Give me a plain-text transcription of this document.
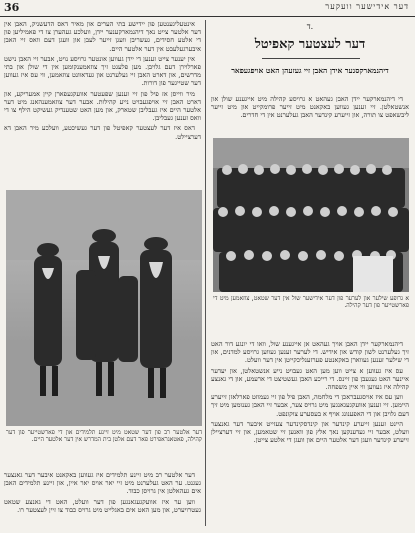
36	דער אידישער וועקער

אינטעליגענטען פון יידישע בתי הערים און מאיר דאס הדעשניק, האבן אין דער אלטער צייט נאך דיהנמארקענער יידן, וועלכע געהערן צו די פאמיליען פון די אלטע חסידים, געשריבן וועגן זייער לעבן און וועגן דעם וואס זיי האבן איבערגעלעבט אין דער אלטער היים.

אין יענער צייט זענען די יידן געווען אונטער גרויסע נויט, אבער זיי האבן נישט פארלוירן דעם גלויבן. מען פלעגט זיך צוזאמענקומען אין די שולן און בתי מדרשים, און דארט האבן זיי געלערנט און געדאוונט צוזאמען, ווי עס איז געווען דער שטייגער פון דורות.

מיר ווייסן אז פיל פון זיי זענען שפעטער אוועקגעפארן קיין אמעריקע, און דארט האבן זיי אויפגעבויט נייע קהילות. אבער דער צוזאמענהאנג מיט דער אלטער היים איז געבליבן שטארק, און מען האט שטענדיק געשיקט הילף צו די וואס זענען געבליבן.

דאס איז דער לעצטער קאפיטל פון דער געשיכטע, וועלכע מיר האבן דא דערציילט.

דער אלטער רב פון דער שטאט מיט זיינע תלמידים און די פארשטייער פון דער קהילה, פאטאגראפירט פאר דעם אלטן בית המדרש אין דער אלטער היים.

דער אלטער רב מיט זיינע תלמידים איז געווען באקאנט איבער דער גאנצער געגנט. ער האט געלערנט מיט זיי יאר אויס יאר איין, און זיינע תלמידים האבן אים געהאלטן אין גרויסן כבוד.

ווען ער איז אוועקגעגאנגען פון דער וועלט, האט די גאנצע שטאט געטרויערט, און מען האט אים באגלייט מיט גרויס כבוד צו זיין לעצטער רו.

ד.
דער לעצטער קאפיטל
דיהנמארקסנער אידן האבן זיי געזעהן האט אויפגעפאר

די דיהנמארקער יידן האבן געהאט א גרויסע קהילה מיט אייגענע שולן און אנשטאלטן. זיי זענען געווען באקאנט מיט זייער פרומקייט און מיט זייער ליבשאפט צו תורה, און זייערע קינדער האבן געלערנט אין די חדרים.

א גרופע שילער און לערער פון דער אידישער שול אין דער שטאט, צוזאמען מיט די פארשטייער פון דער קהילה.

דיהנמארקער יידן האבן אויך געהאט אן אייגענע שול, וואו די יונגע דור האט זיך געלערנט לשון קודש און אידיש. די לערער זענען געווען גרויסע למדנים, און די שילער זענען געווארן באקאנטע פערזענליכקייטן אין דער וועלט.

עס איז געווען א צייט ווען מען האט געבויט נייע אנשטאלטן, און יעדער איינער האט געגעבן פון זיינס. די רייכע האבן געשטיצט די ארעמע, און די גאנצע קהילה איז געווען ווי איין משפחה.

ווען עס איז אויסגעבראכן די מלחמה, האבן פיל פון זיי געמוזט פארלאזן זייערע היימען. זיי זענען אוועקגעגאנגען מיט גרויס צער, אבער זיי האבן גענומען מיט זיך דעם גלויבן און די האפענונג אויף א בעסערע צוקונפט.

היינט זענען זייערע קינדער און קינדסקינדער צעזייט איבער דער גאנצער וועלט, אבער זיי געדענקען נאך אלץ פון וואנען זיי שטאמען, און זיי דערציילן זייערע קינדער וועגן דער אלטער היים און וועגן די אלטע צייטן.
